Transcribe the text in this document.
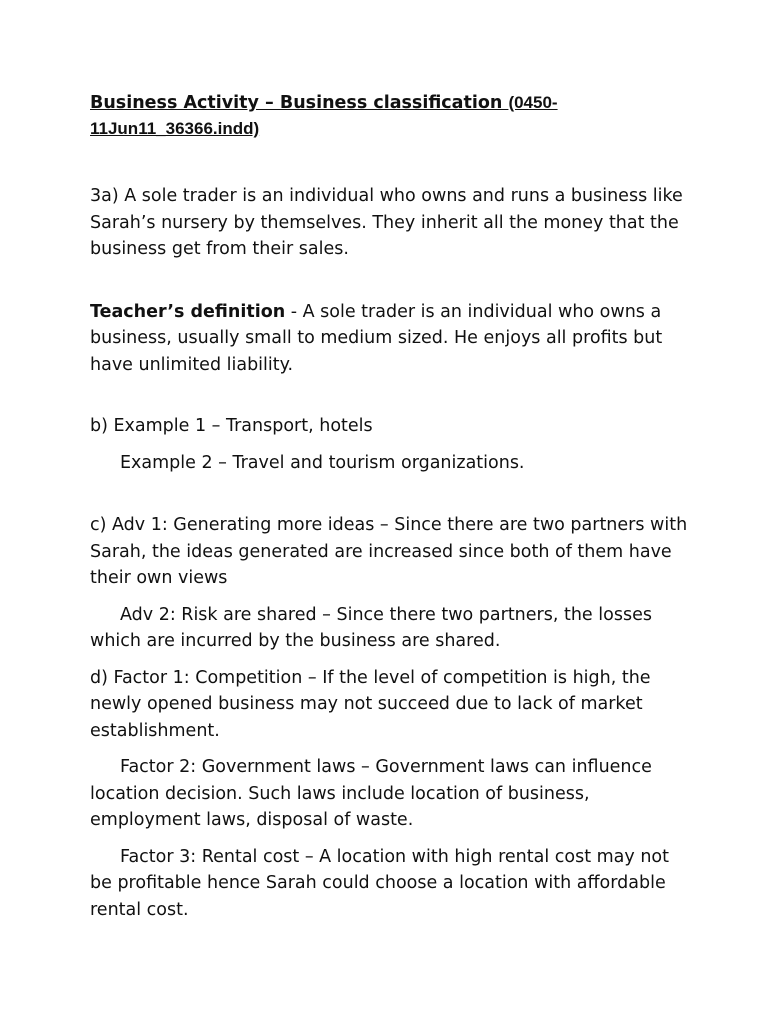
Business Activity – Business classification (0450-11Jun11_36366.indd)

3a) A sole trader is an individual who owns and runs a business like Sarah’s nursery by themselves. They inherit all the money that the business get from their sales.

Teacher’s definition - A sole trader is an individual who owns a business, usually small to medium sized. He enjoys all profits but have unlimited liability.

b) Example 1 – Transport, hotels

Example 2 – Travel and tourism organizations.

c) Adv 1: Generating more ideas – Since there are two partners with Sarah, the ideas generated are increased since both of them have their own views

Adv 2: Risk are shared – Since there two partners, the losses which are incurred by the business are shared.

d) Factor 1: Competition – If the level of competition is high, the newly opened business may not succeed due to lack of market establishment.

Factor 2: Government laws – Government laws can influence location decision. Such laws include location of business, employment laws, disposal of waste.

Factor 3: Rental cost – A location with high rental cost may not be profitable hence Sarah could choose a location with affordable rental cost.
